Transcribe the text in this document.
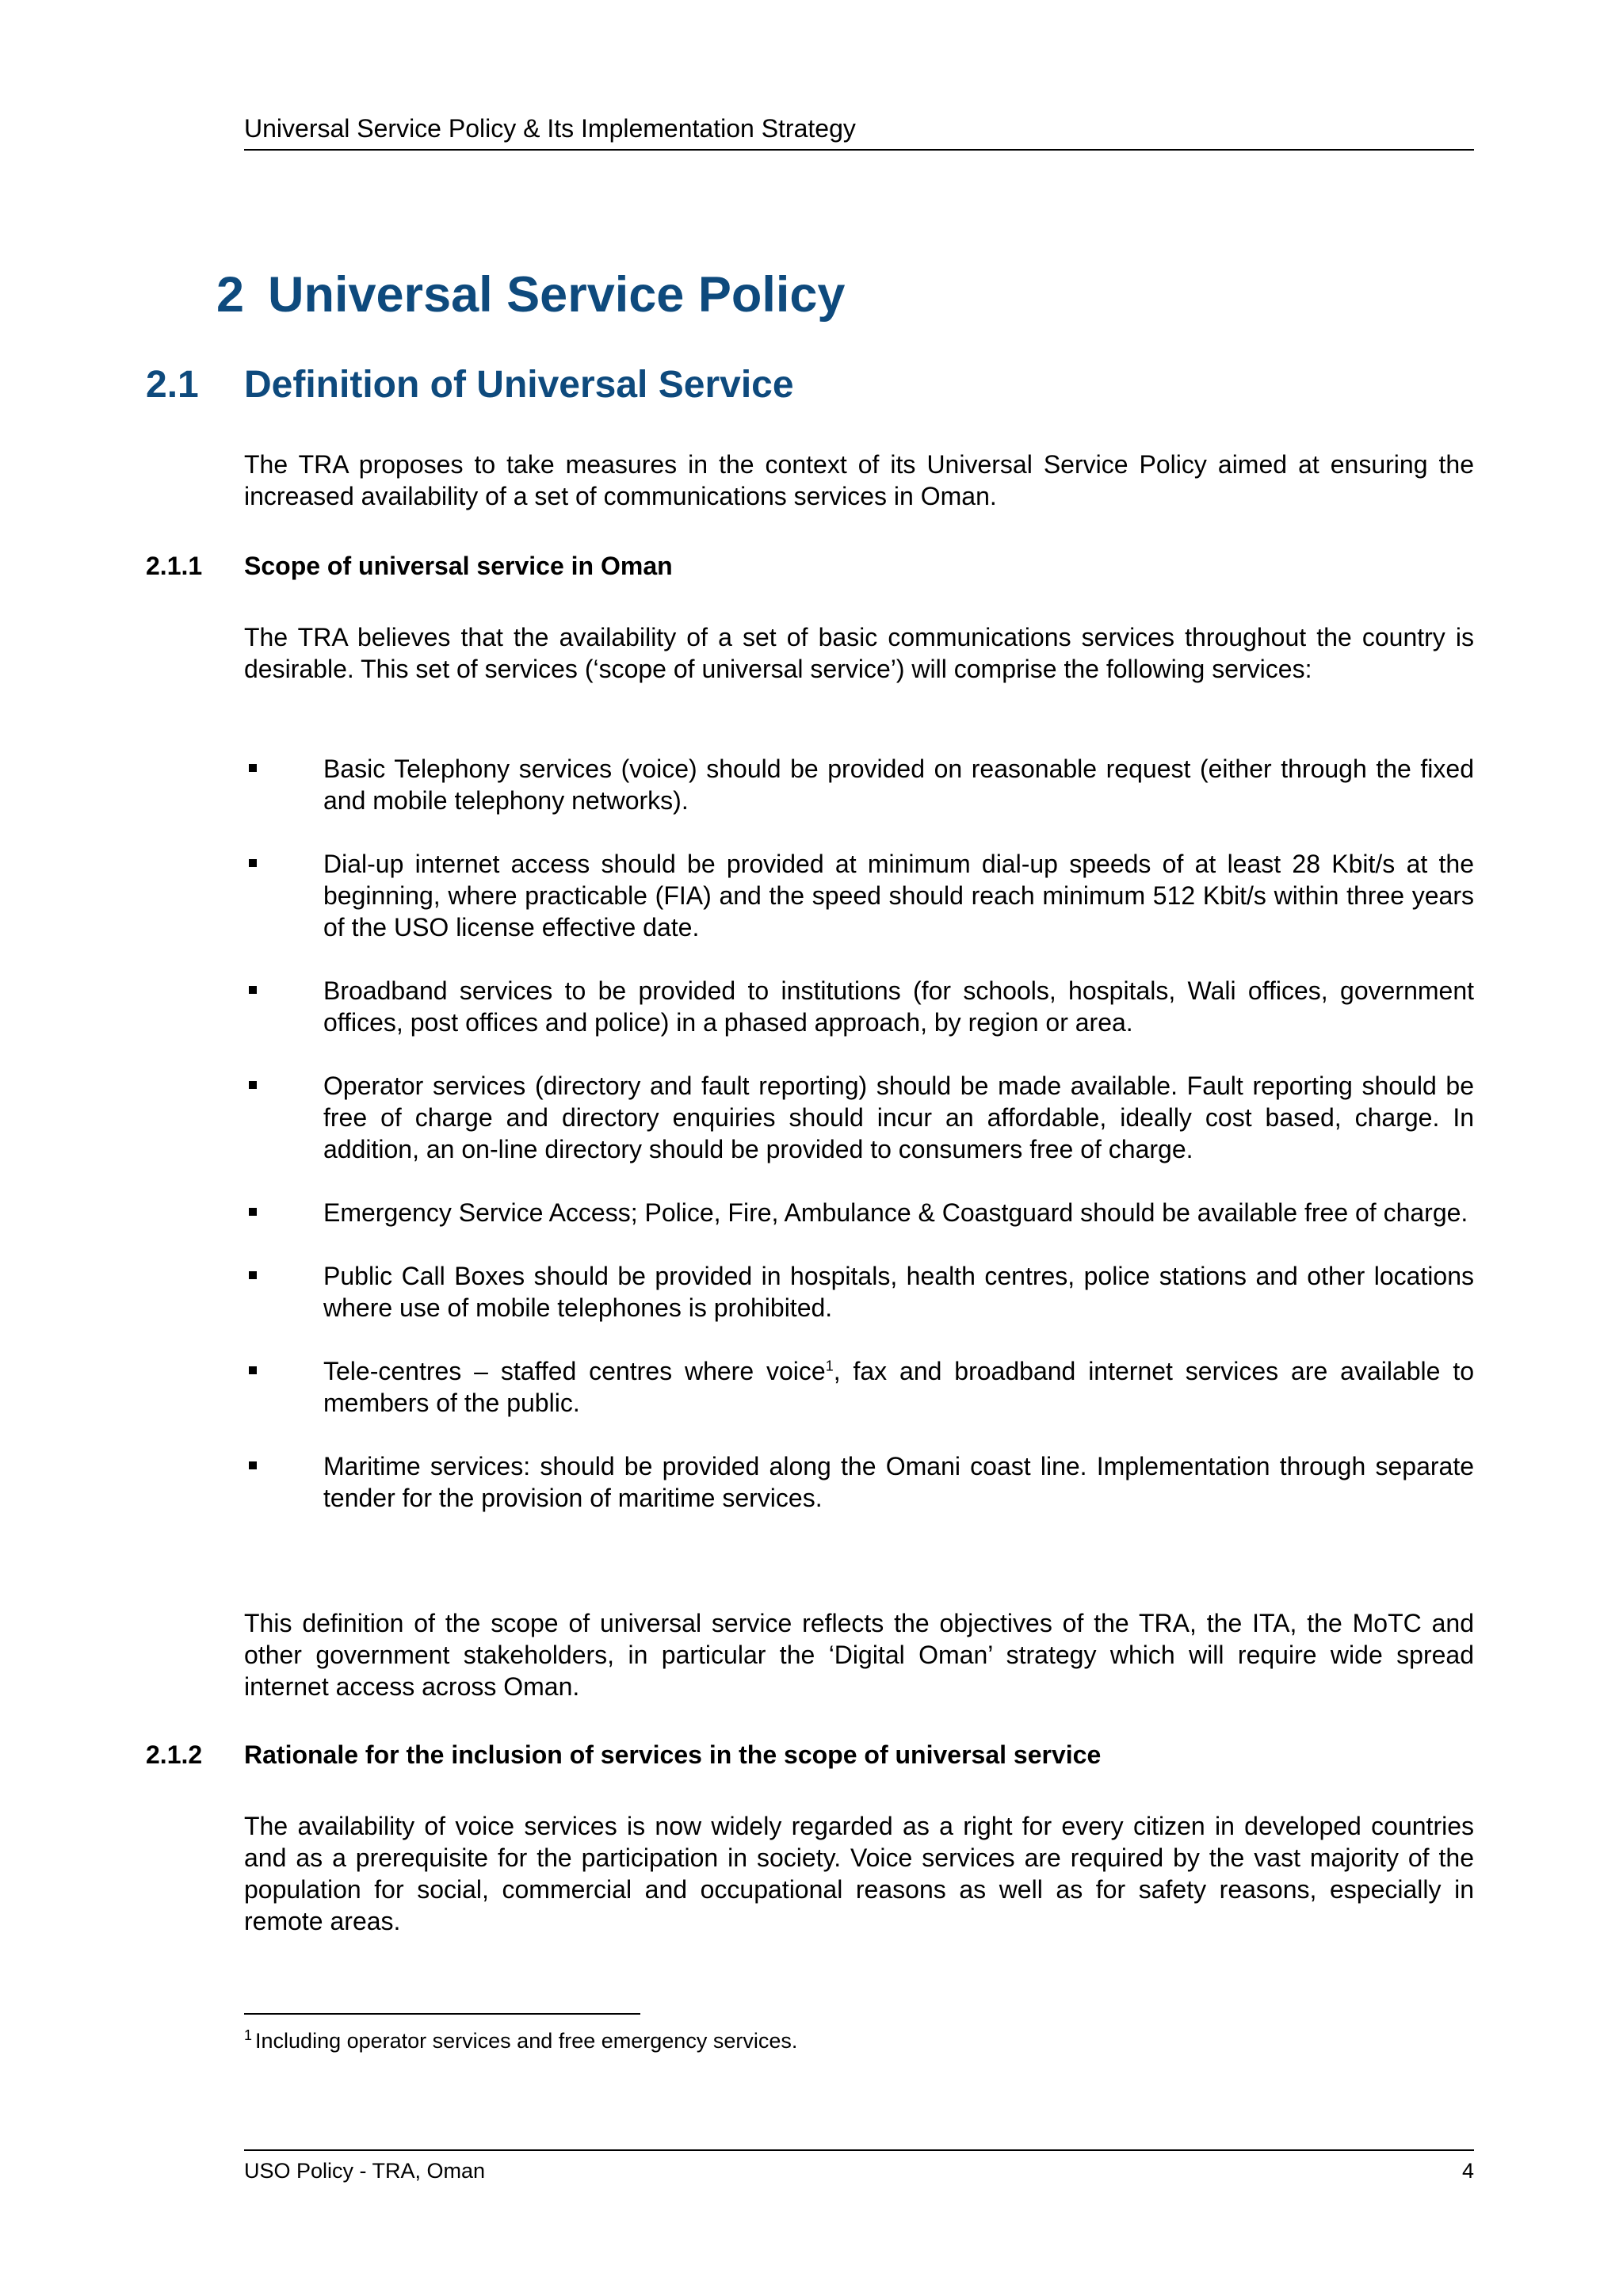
Universal Service Policy & Its Implementation Strategy
2 Universal Service Policy
2.1 Definition of Universal Service

The TRA proposes to take measures in the context of its Universal Service Policy aimed at ensuring the increased availability of a set of communications services in Oman.

2.1.1 Scope of universal service in Oman

The TRA believes that the availability of a set of basic communications services throughout the country is desirable. This set of services (‘scope of universal service’) will comprise the following services:

Basic Telephony services (voice) should be provided on reasonable request (either through the fixed and mobile telephony networks).
Dial-up internet access should be provided at minimum dial-up speeds of at least 28 Kbit/s at the beginning, where practicable (FIA) and the speed should reach minimum 512 Kbit/s within three years of the USO license effective date.
Broadband services to be provided to institutions (for schools, hospitals, Wali offices, government offices, post offices and police) in a phased approach, by region or area.
Operator services (directory and fault reporting) should be made available. Fault reporting should be free of charge and directory enquiries should incur an affordable, ideally cost based, charge. In addition, an on-line directory should be provided to consumers free of charge.
Emergency Service Access; Police, Fire, Ambulance & Coastguard should be available free of charge.
Public Call Boxes should be provided in hospitals, health centres, police stations and other locations where use of mobile telephones is prohibited.
Tele-centres – staffed centres where voice$^1$, fax and broadband internet services are available to members of the public.
Maritime services: should be provided along the Omani coast line. Implementation through separate tender for the provision of maritime services.

This definition of the scope of universal service reflects the objectives of the TRA, the ITA, the MoTC and other government stakeholders, in particular the ‘Digital Oman’ strategy which will require wide spread internet access across Oman.

2.1.2 Rationale for the inclusion of services in the scope of universal service

The availability of voice services is now widely regarded as a right for every citizen in developed countries and as a prerequisite for the participation in society. Voice services are required by the vast majority of the population for social, commercial and occupational reasons as well as for safety reasons, especially in remote areas.

$^1$ Including operator services and free emergency services.
USO Policy - TRA, Oman	4
